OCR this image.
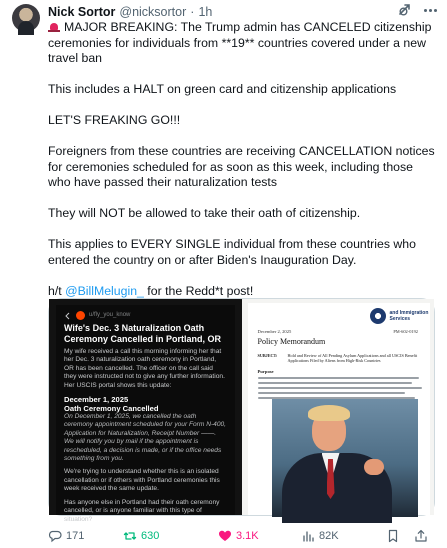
Nick Sortor @nicksortor · 1h

MAJOR BREAKING: The Trump admin has CANCELED citizenship ceremonies for individuals from **19** countries covered under a new travel ban

This includes a HALT on green card and citizenship applications

LET'S FREAKING GO!!!

Foreigners from these countries are receiving CANCELLATION notices for ceremonies scheduled for as soon as this week, including those who have passed their naturalization tests

They will NOT be allowed to take their oath of citizenship.

This applies to EVERY SINGLE individual from these countries who entered the country on or after Biden's Inauguration Day.

h/t @BillMelugin_ for the Redd*t post!

u/fly_you_know
Wife's Dec. 3 Naturalization Oath Ceremony Cancelled in Portland, OR
My wife received a call this morning informing her that her Dec. 3 naturalization oath ceremony in Portland, OR has been cancelled. The officer on the call said they were instructed not to give any further information. Her USCIS portal shows this update:
December 1, 2025
Oath Ceremony Cancelled
On December 1, 2025, we cancelled the oath ceremony appointment scheduled for your Form N-400, Application for Naturalization, Receipt Number ——. We will notify you by mail if the appointment is rescheduled, a decision is made, or if the office needs something from you.
We're trying to understand whether this is an isolated cancellation or if others with Portland ceremonies this week received the same update.
Has anyone else in Portland had their oath ceremony cancelled, or is anyone familiar with this type of situation?
and Immigration
Services
December 2, 2025	PM-602-0192
Policy Memorandum
SUBJECT: Hold and Review of All Pending Asylum Applications and all USCIS Benefit Applications Filed by Aliens from High-Risk Countries
Purpose
171	630	3.1K	82K
